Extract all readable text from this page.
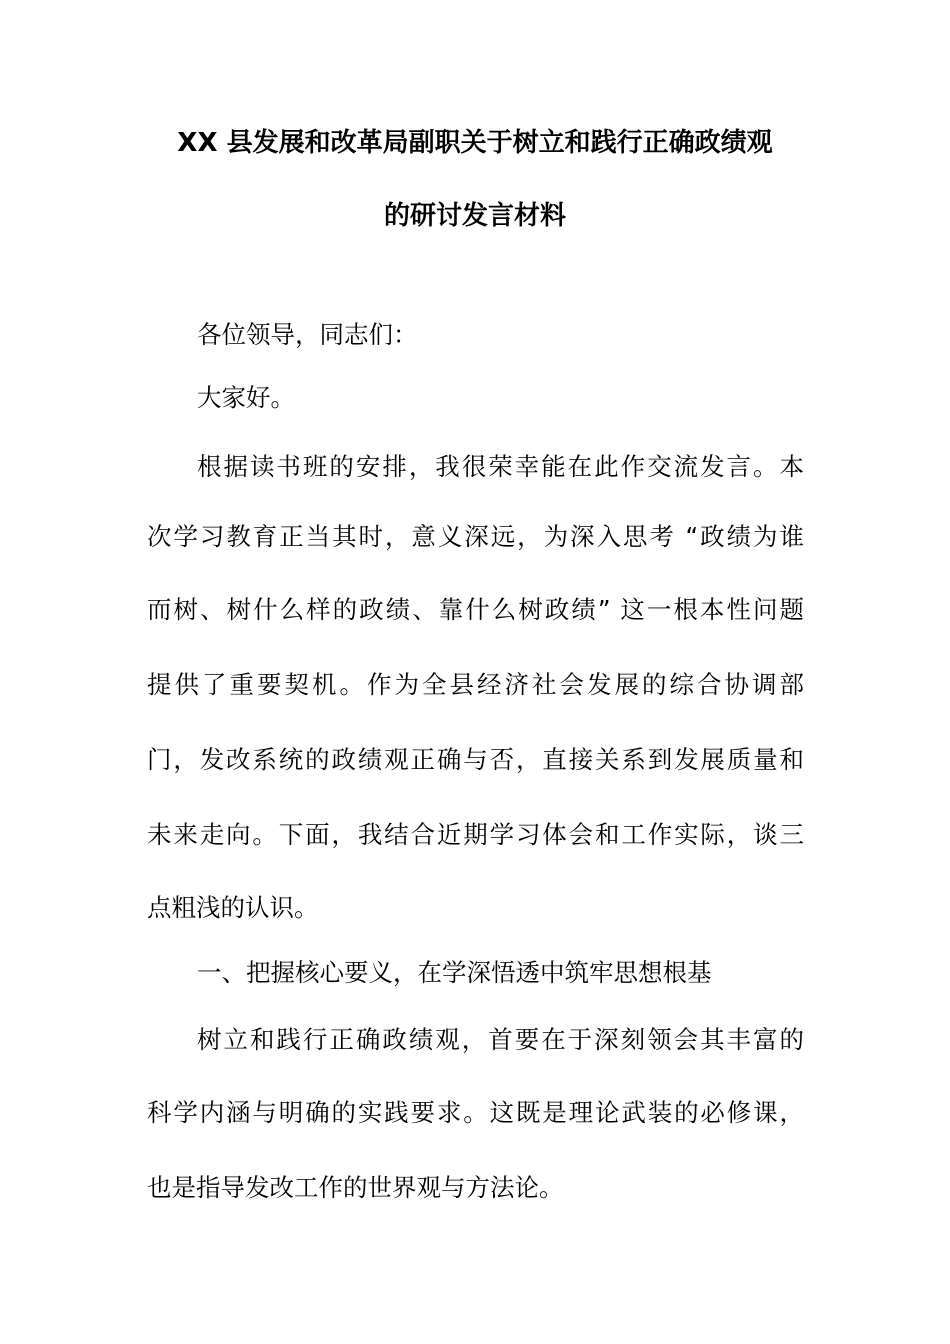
XX 县发展和改革局副职关于树立和践行正确政绩观
的研讨发言材料
各位领导，同志们：
大家好。
根据读书班的安排，我很荣幸能在此作交流发言。本
次学习教育正当其时，意义深远，为深入思考 “政绩为谁
而树、树什么样的政绩、靠什么树政绩” 这一根本性问题
提供了重要契机。作为全县经济社会发展的综合协调部
门，发改系统的政绩观正确与否，直接关系到发展质量和
未来走向。下面，我结合近期学习体会和工作实际，谈三
点粗浅的认识。
一、把握核心要义，在学深悟透中筑牢思想根基
树立和践行正确政绩观，首要在于深刻领会其丰富的
科学内涵与明确的实践要求。这既是理论武装的必修课，
也是指导发改工作的世界观与方法论。
